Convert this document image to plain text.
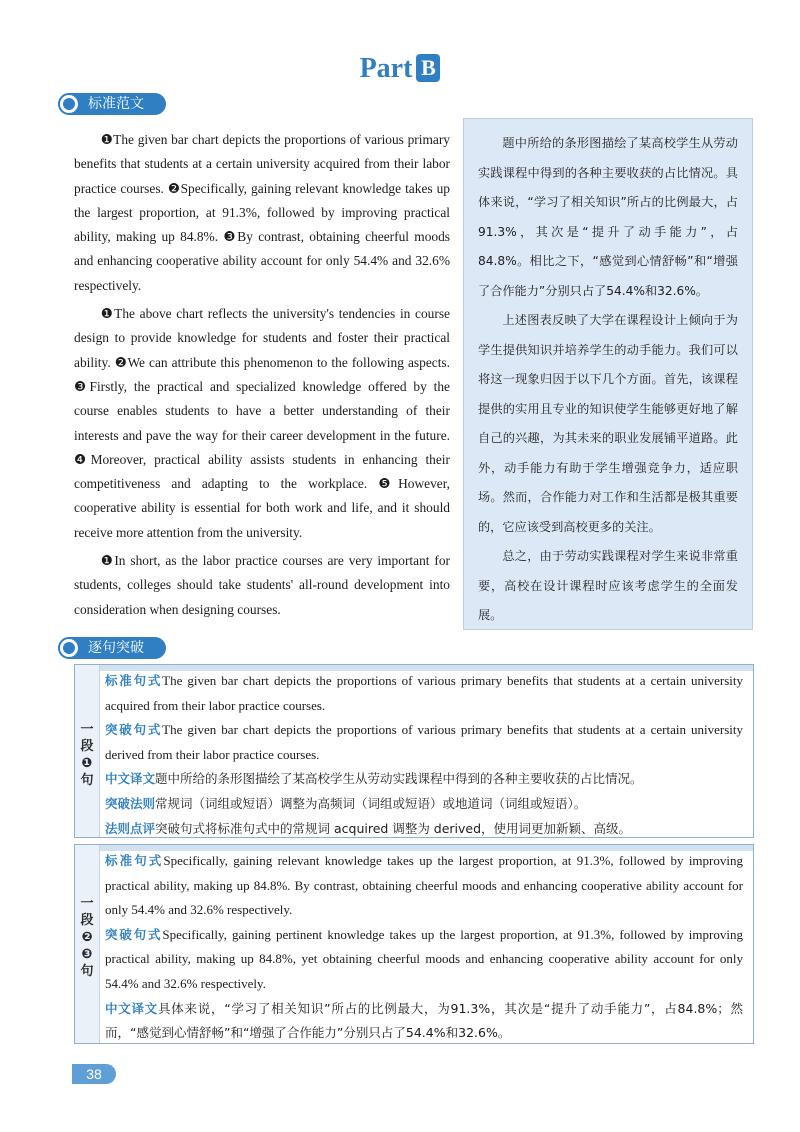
Part B
标准范文

❶The given bar chart depicts the proportions of various primary benefits that students at a certain university acquired from their labor practice courses. ❷Specifically, gaining relevant knowledge takes up the largest proportion, at 91.3%, followed by improving practical ability, making up 84.8%. ❸By contrast, obtaining cheerful moods and enhancing cooperative ability account for only 54.4% and 32.6% respectively.

❶The above chart reflects the university's tendencies in course design to provide knowledge for students and foster their practical ability. ❷We can attribute this phenomenon to the following aspects. ❸Firstly, the practical and specialized knowledge offered by the course enables students to have a better understanding of their interests and pave the way for their career development in the future. ❹Moreover, practical ability assists students in enhancing their competitiveness and adapting to the workplace. ❺However, cooperative ability is essential for both work and life, and it should receive more attention from the university.

❶In short, as the labor practice courses are very important for students, colleges should take students' all-round development into consideration when designing courses.

题中所给的条形图描绘了某高校学生从劳动实践课程中得到的各种主要收获的占比情况。具体来说，“学习了相关知识”所占的比例最大，占91.3%，其次是“提升了动手能力”，占84.8%。相比之下，“感觉到心情舒畅”和“增强了合作能力”分别只占了54.4%和32.6%。

上述图表反映了大学在课程设计上倾向于为学生提供知识并培养学生的动手能力。我们可以将这一现象归因于以下几个方面。首先，该课程提供的实用且专业的知识使学生能够更好地了解自己的兴趣，为其未来的职业发展铺平道路。此外，动手能力有助于学生增强竞争力，适应职场。然而，合作能力对工作和生活都是极其重要的，它应该受到高校更多的关注。

总之，由于劳动实践课程对学生来说非常重要，高校在设计课程时应该考虑学生的全面发展。

逐句突破
一
段
❶
句

标准句式The given bar chart depicts the proportions of various primary benefits that students at a certain university acquired from their labor practice courses.

突破句式The given bar chart depicts the proportions of various primary benefits that students at a certain university derived from their labor practice courses.

中文译文题中所给的条形图描绘了某高校学生从劳动实践课程中得到的各种主要收获的占比情况。

突破法则常规词（词组或短语）调整为高频词（词组或短语）或地道词（词组或短语）。

法则点评突破句式将标准句式中的常规词 acquired 调整为 derived，使用词更加新颖、高级。

一
段
❷
❸
句

标准句式Specifically, gaining relevant knowledge takes up the largest proportion, at 91.3%, followed by improving practical ability, making up 84.8%. By contrast, obtaining cheerful moods and enhancing cooperative ability account for only 54.4% and 32.6% respectively.

突破句式Specifically, gaining pertinent knowledge takes up the largest proportion, at 91.3%, followed by improving practical ability, making up 84.8%, yet obtaining cheerful moods and enhancing cooperative ability account for only 54.4% and 32.6% respectively.

中文译文具体来说，“学习了相关知识”所占的比例最大，为91.3%，其次是“提升了动手能力”，占84.8%；然而，“感觉到心情舒畅”和“增强了合作能力”分别只占了54.4%和32.6%。

38
